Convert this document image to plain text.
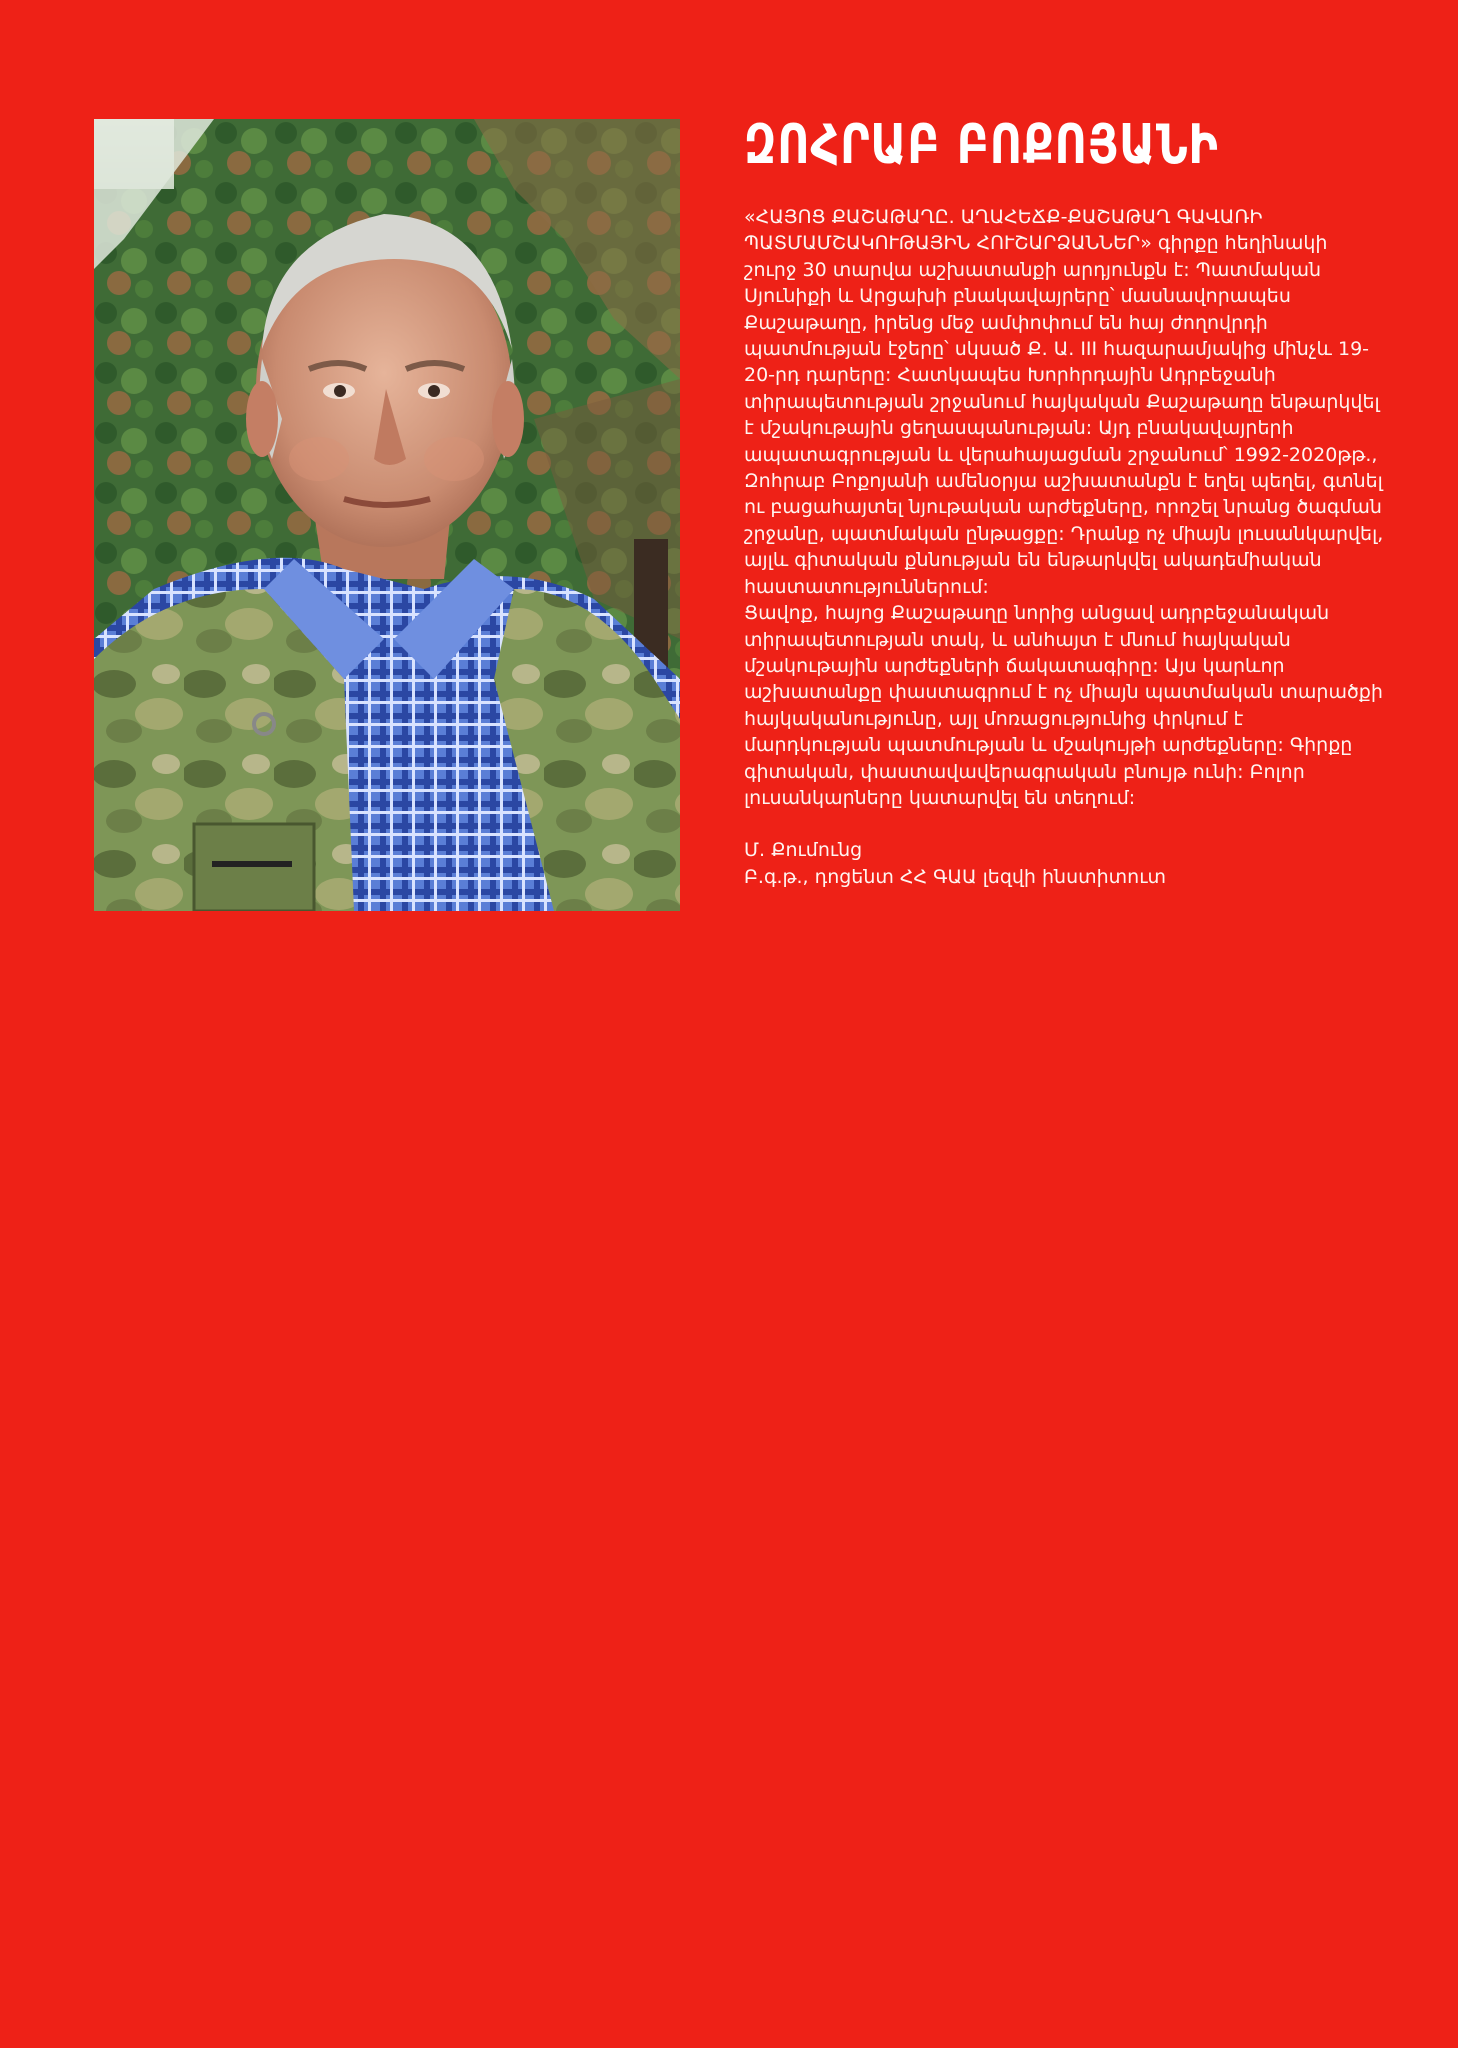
ԶՈՀՐԱԲ ԲՈՔՈՅԱՆԻ

«ՀԱՅՈՑ ՔԱՇԱԹԱՂԸ. ԱՂԱՀԵՃՔ-ՔԱՇԱԹԱՂ ԳԱՎԱՌԻ ՊԱՏՄԱՄՇԱԿՈՒԹԱՅԻՆ ՀՈՒՇԱՐՁԱՆՆԵՐ» գիրքը հեղինակի շուրջ 30 տարվա աշխատանքի արդյունքն է: Պատմական Սյունիքի և Արցախի բնակավայրերը՝ մասնավորապես Քաշաթաղը, իրենց մեջ ամփոփում են հայ ժողովրդի պատմության էջերը՝ սկսած Ք. Ա. III հազարամյակից մինչև 19-20-րդ դարերը: Հատկապես Խորհրդային Ադրբեջանի տիրապետության շրջանում հայկական Քաշաթաղը ենթարկվել է մշակութային ցեղասպանության: Այդ բնակավայրերի ապատագրության և վերահայացման շրջանում՝ 1992-2020թթ., Զոհրաբ Բոքոյանի ամենօրյա աշխատանքն է եղել պեղել, գտնել ու բացահայտել նյութական արժեքները, որոշել նրանց ծագման շրջանը, պատմական ընթացքը: Դրանք ոչ միայն լուսանկարվել, այլև գիտական քննության են ենթարկվել ակադեմիական հաստատություններում:

Ցավոք, հայոց Քաշաթաղը նորից անցավ ադրբեջանական տիրապետության տակ, և անհայտ է մնում հայկական մշակութային արժեքների ճակատագիրը: Այս կարևոր աշխատանքը փաստագրում է ոչ միայն պատմական տարածքի հայկականությունը, այլ մոռացությունից փրկում է մարդկության պատմության և մշակույթի արժեքները: Գիրքը գիտական, փաստավավերագրական բնույթ ունի: Բոլոր լուսանկարները կատարվել են տեղում:

Մ. Քումունց
Բ.գ.թ., դոցենտ ՀՀ ԳԱԱ լեզվի ինստիտուտ
